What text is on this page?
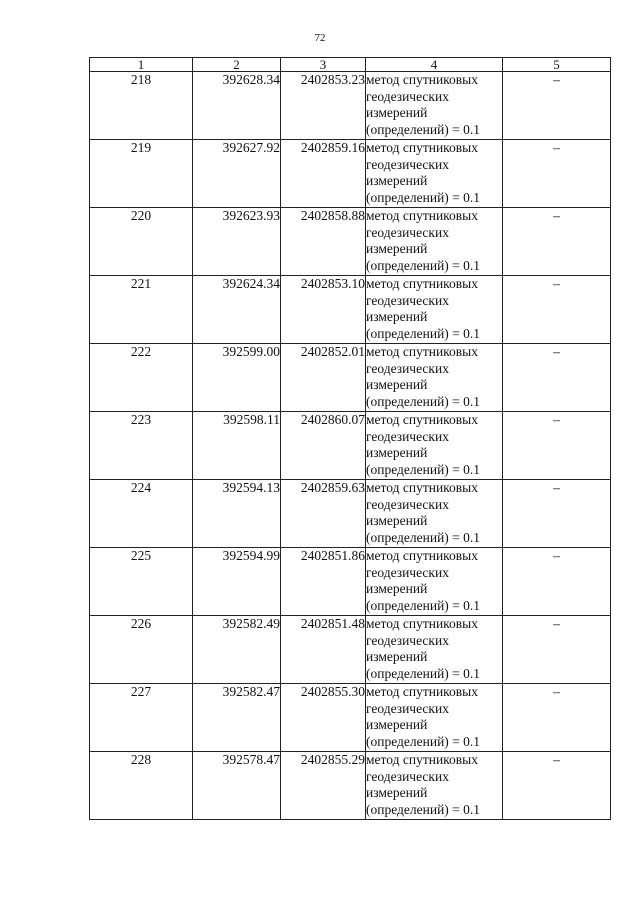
72
1	2	3	4	5
218	392628.34	2402853.23	метод спутниковых
геодезических
измерений
(определений) = 0.1	–
219	392627.92	2402859.16	метод спутниковых
геодезических
измерений
(определений) = 0.1	–
220	392623.93	2402858.88	метод спутниковых
геодезических
измерений
(определений) = 0.1	–
221	392624.34	2402853.10	метод спутниковых
геодезических
измерений
(определений) = 0.1	–
222	392599.00	2402852.01	метод спутниковых
геодезических
измерений
(определений) = 0.1	–
223	392598.11	2402860.07	метод спутниковых
геодезических
измерений
(определений) = 0.1	–
224	392594.13	2402859.63	метод спутниковых
геодезических
измерений
(определений) = 0.1	–
225	392594.99	2402851.86	метод спутниковых
геодезических
измерений
(определений) = 0.1	–
226	392582.49	2402851.48	метод спутниковых
геодезических
измерений
(определений) = 0.1	–
227	392582.47	2402855.30	метод спутниковых
геодезических
измерений
(определений) = 0.1	–
228	392578.47	2402855.29	метод спутниковых
геодезических
измерений
(определений) = 0.1	–
